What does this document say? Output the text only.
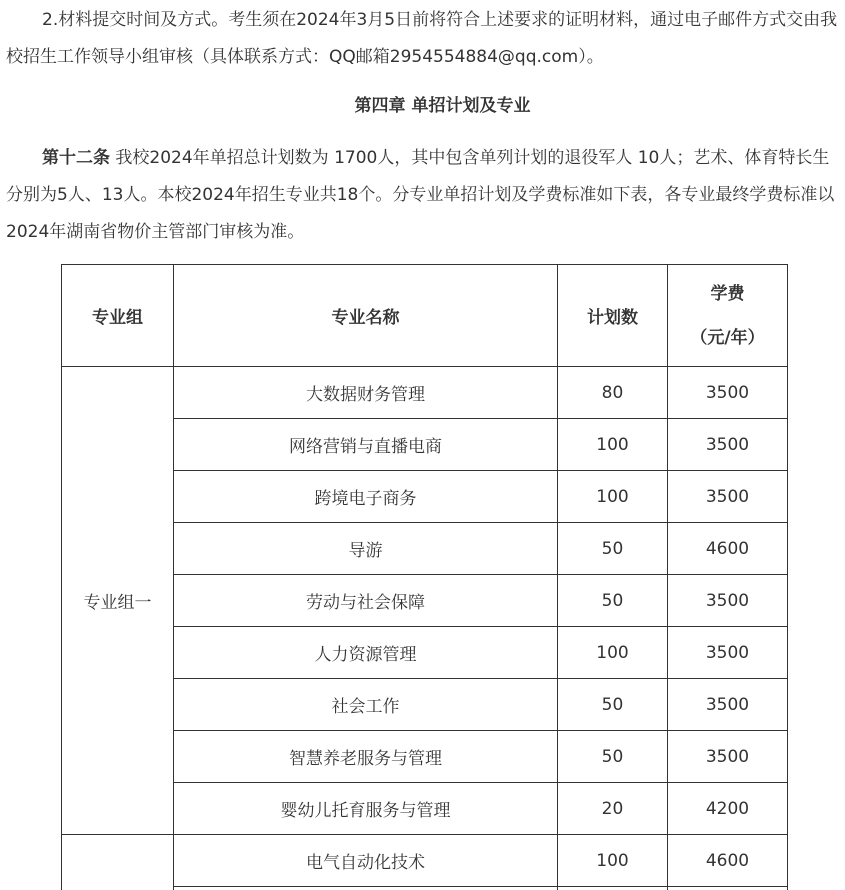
2.材料提交时间及方式。考生须在2024年3月5日前将符合上述要求的证明材料，通过电子邮件方式交由我校招生工作领导小组审核（具体联系方式：QQ邮箱2954554884@qq.com）。

第四章 单招计划及专业

第十二条 我校2024年单招总计划数为 1700人，其中包含单列计划的退役军人 10人；艺术、体育特长生分别为5人、13人。本校2024年招生专业共18个。分专业单招计划及学费标准如下表，各专业最终学费标准以2024年湖南省物价主管部门审核为准。

专业组	专业名称	计划数	学费
（元/年）

专业组一	大数据财务管理	80	3500
	网络营销与直播电商	100	3500
	跨境电子商务	100	3500
	导游	50	4600
	劳动与社会保障	50	3500
	人力资源管理	100	3500
	社会工作	50	3500
	智慧养老服务与管理	50	3500
	婴幼儿托育服务与管理	20	4200
	电气自动化技术	100	4600
